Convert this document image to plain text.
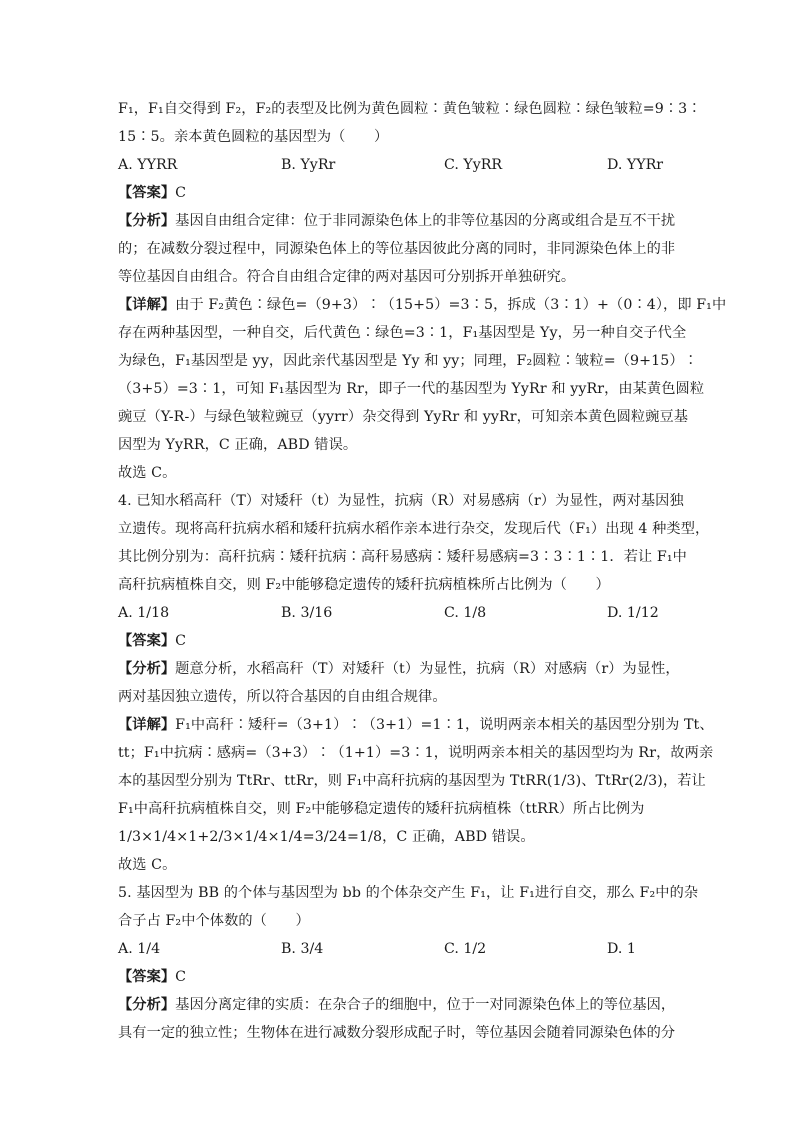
F₁，F₁自交得到 F₂，F₂的表型及比例为黄色圆粒∶黄色皱粒∶绿色圆粒∶绿色皱粒=9∶3∶
15∶5。亲本黄色圆粒的基因型为（　　）
A. YYRR	B. YyRr	C. YyRR	D. YYRr
【答案】C
【分析】基因自由组合定律：位于非同源染色体上的非等位基因的分离或组合是互不干扰
的；在减数分裂过程中，同源染色体上的等位基因彼此分离的同时，非同源染色体上的非
等位基因自由组合。符合自由组合定律的两对基因可分别拆开单独研究。
【详解】由于 F₂黄色∶绿色=（9+3）∶（15+5）=3∶5，拆成（3∶1）+（0∶4），即 F₁中
存在两种基因型，一种自交，后代黄色∶绿色=3∶1，F₁基因型是 Yy，另一种自交子代全
为绿色，F₁基因型是 yy，因此亲代基因型是 Yy 和 yy；同理，F₂圆粒∶皱粒=（9+15）∶
（3+5）=3∶1，可知 F₁基因型为 Rr，即子一代的基因型为 YyRr 和 yyRr，由某黄色圆粒
豌豆（Y-R-）与绿色皱粒豌豆（yyrr）杂交得到 YyRr 和 yyRr，可知亲本黄色圆粒豌豆基
因型为 YyRR，C 正确，ABD 错误。
故选 C。
4. 已知水稻高秆（T）对矮秆（t）为显性，抗病（R）对易感病（r）为显性，两对基因独
立遗传。现将高秆抗病水稻和矮秆抗病水稻作亲本进行杂交，发现后代（F₁）出现 4 种类型，
其比例分别为：高秆抗病∶矮秆抗病∶高秆易感病∶矮秆易感病=3∶3∶1∶1．若让 F₁中
高秆抗病植株自交，则 F₂中能够稳定遗传的矮秆抗病植株所占比例为（　　）
A. 1/18	B. 3/16	C. 1/8	D. 1/12
【答案】C
【分析】题意分析，水稻高秆（T）对矮秆（t）为显性，抗病（R）对感病（r）为显性，
两对基因独立遗传，所以符合基因的自由组合规律。
【详解】F₁中高秆∶矮秆=（3+1）∶（3+1）=1∶1，说明两亲本相关的基因型分别为 Tt、
tt；F₁中抗病∶感病=（3+3）∶（1+1）=3∶1，说明两亲本相关的基因型均为 Rr，故两亲
本的基因型分别为 TtRr、ttRr，则 F₁中高秆抗病的基因型为 TtRR(1/3)、TtRr(2/3)，若让
F₁中高秆抗病植株自交，则 F₂中能够稳定遗传的矮秆抗病植株（ttRR）所占比例为
1/3×1/4×1+2/3×1/4×1/4=3/24=1/8，C 正确，ABD 错误。
故选 C。
5. 基因型为 BB 的个体与基因型为 bb 的个体杂交产生 F₁，让 F₁进行自交，那么 F₂中的杂
合子占 F₂中个体数的（　　）
A. 1/4	B. 3/4	C. 1/2	D. 1
【答案】C
【分析】基因分离定律的实质：在杂合子的细胞中，位于一对同源染色体上的等位基因，
具有一定的独立性；生物体在进行减数分裂形成配子时，等位基因会随着同源染色体的分
